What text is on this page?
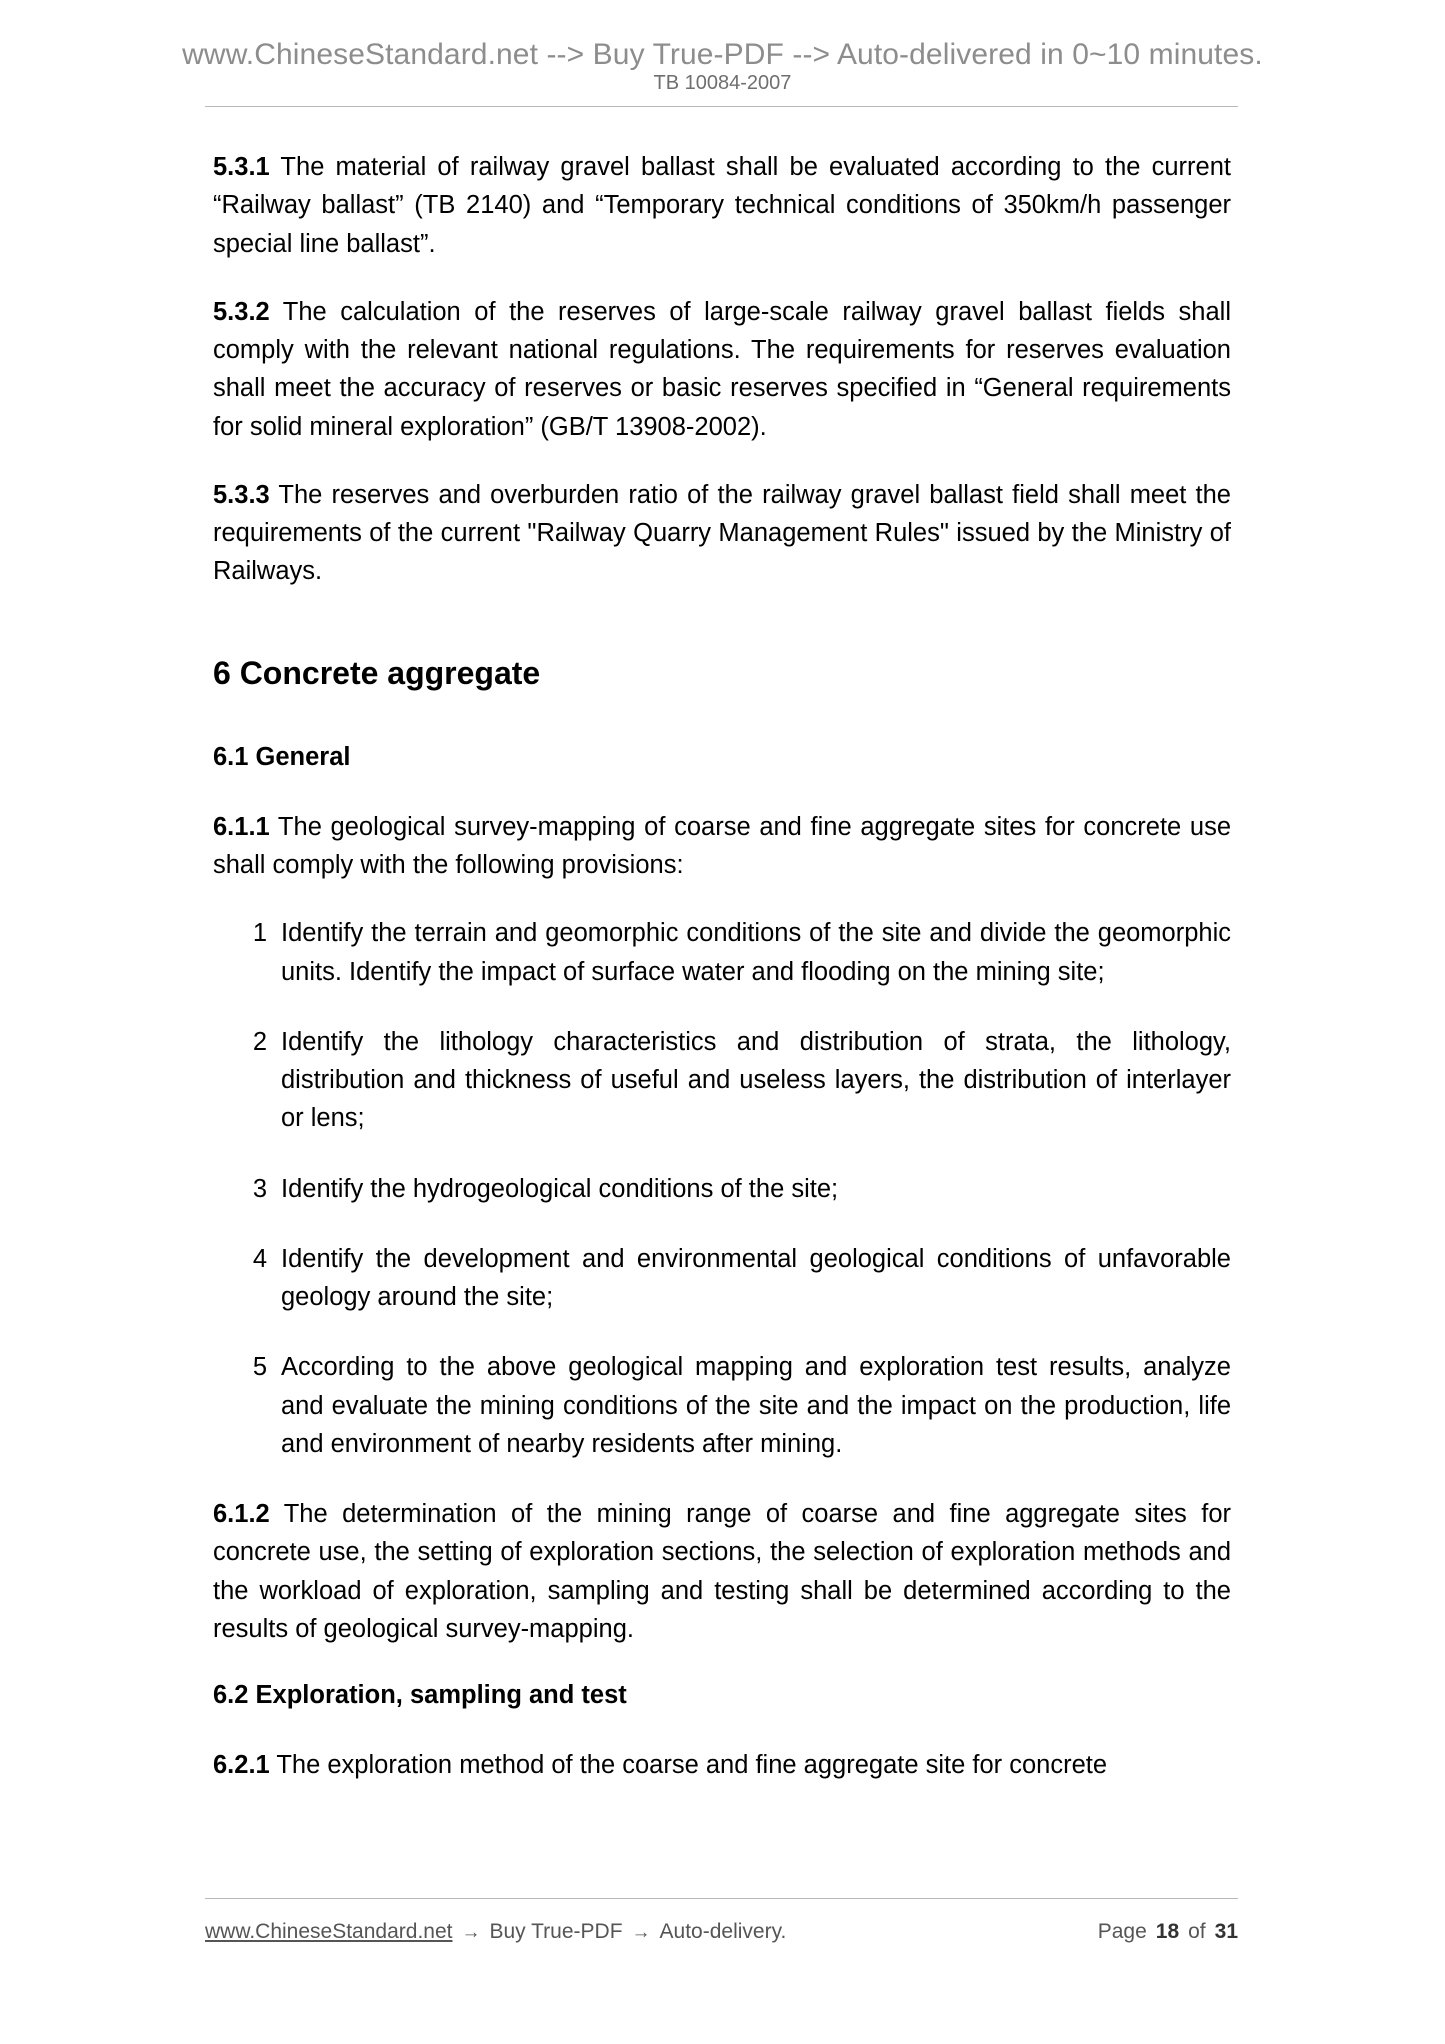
www.ChineseStandard.net --> Buy True-PDF --> Auto-delivered in 0~10 minutes.
TB 10084-2007

5.3.1 The material of railway gravel ballast shall be evaluated according to the current “Railway ballast” (TB 2140) and “Temporary technical conditions of 350km/h passenger special line ballast”.

5.3.2 The calculation of the reserves of large-scale railway gravel ballast fields shall comply with the relevant national regulations. The requirements for reserves evaluation shall meet the accuracy of reserves or basic reserves specified in “General requirements for solid mineral exploration” (GB/T 13908-2002).

5.3.3 The reserves and overburden ratio of the railway gravel ballast field shall meet the requirements of the current "Railway Quarry Management Rules" issued by the Ministry of Railways.

6 Concrete aggregate
6.1 General

6.1.1 The geological survey-mapping of coarse and fine aggregate sites for concrete use shall comply with the following provisions:

1 Identify the terrain and geomorphic conditions of the site and divide the geomorphic units. Identify the impact of surface water and flooding on the mining site;
2 Identify the lithology characteristics and distribution of strata, the lithology, distribution and thickness of useful and useless layers, the distribution of interlayer or lens;
3 Identify the hydrogeological conditions of the site;
4 Identify the development and environmental geological conditions of unfavorable geology around the site;
5 According to the above geological mapping and exploration test results, analyze and evaluate the mining conditions of the site and the impact on the production, life and environment of nearby residents after mining.

6.1.2 The determination of the mining range of coarse and fine aggregate sites for concrete use, the setting of exploration sections, the selection of exploration methods and the workload of exploration, sampling and testing shall be determined according to the results of geological survey-mapping.

6.2 Exploration, sampling and test

6.2.1 The exploration method of the coarse and fine aggregate site for concrete

www.ChineseStandard.net → Buy True-PDF → Auto-delivery.	Page 18 of 31
